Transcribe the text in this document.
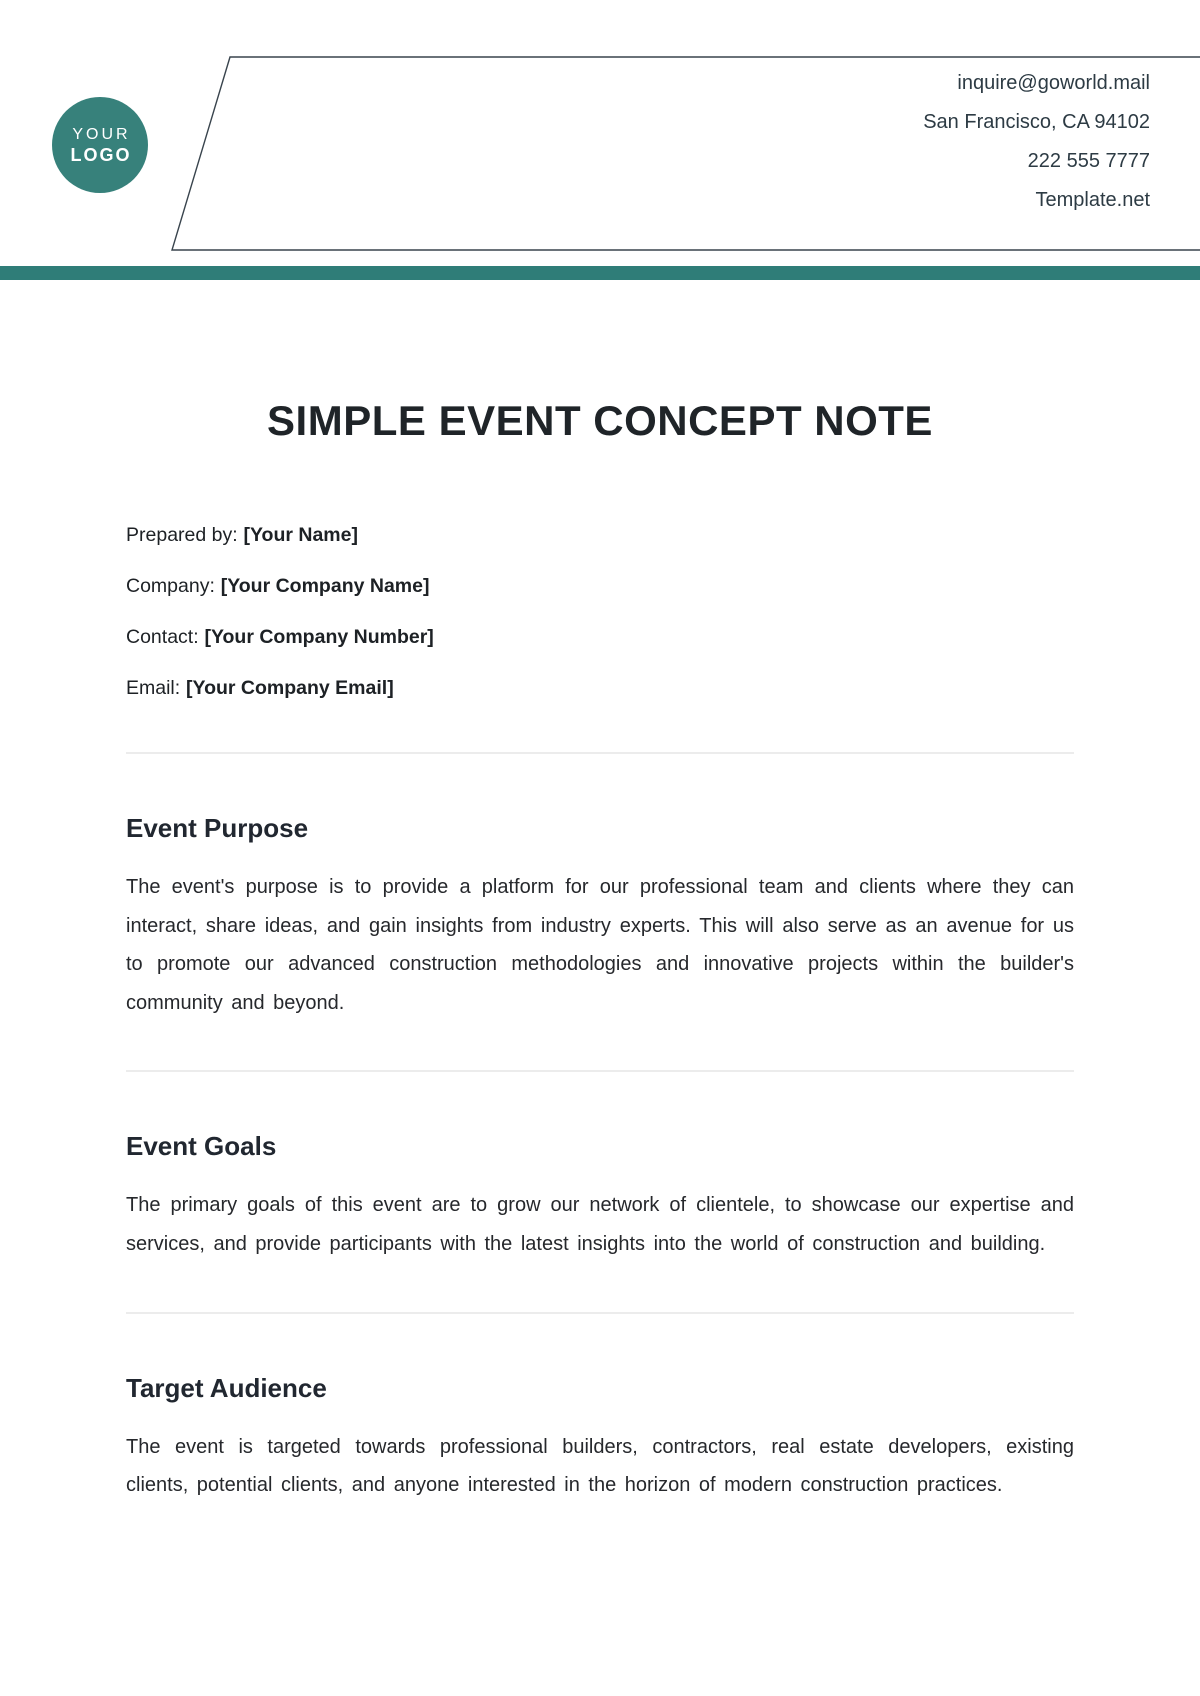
YOUR
LOGO
inquire@goworld.mail
San Francisco, CA 94102
222 555 7777
Template.net
SIMPLE EVENT CONCEPT NOTE
Prepared by: [Your Name]
Company: [Your Company Name]
Contact: [Your Company Number]
Email: [Your Company Email]
Event Purpose

The event's purpose is to provide a platform for our professional team and clients where they can interact, share ideas, and gain insights from industry experts. This will also serve as an avenue for us to promote our advanced construction methodologies and innovative projects within the builder's community and beyond.

Event Goals

The primary goals of this event are to grow our network of clientele, to showcase our expertise and services, and provide participants with the latest insights into the world of construction and building.

Target Audience

The event is targeted towards professional builders, contractors, real estate developers, existing clients, potential clients, and anyone interested in the horizon of modern construction practices.
